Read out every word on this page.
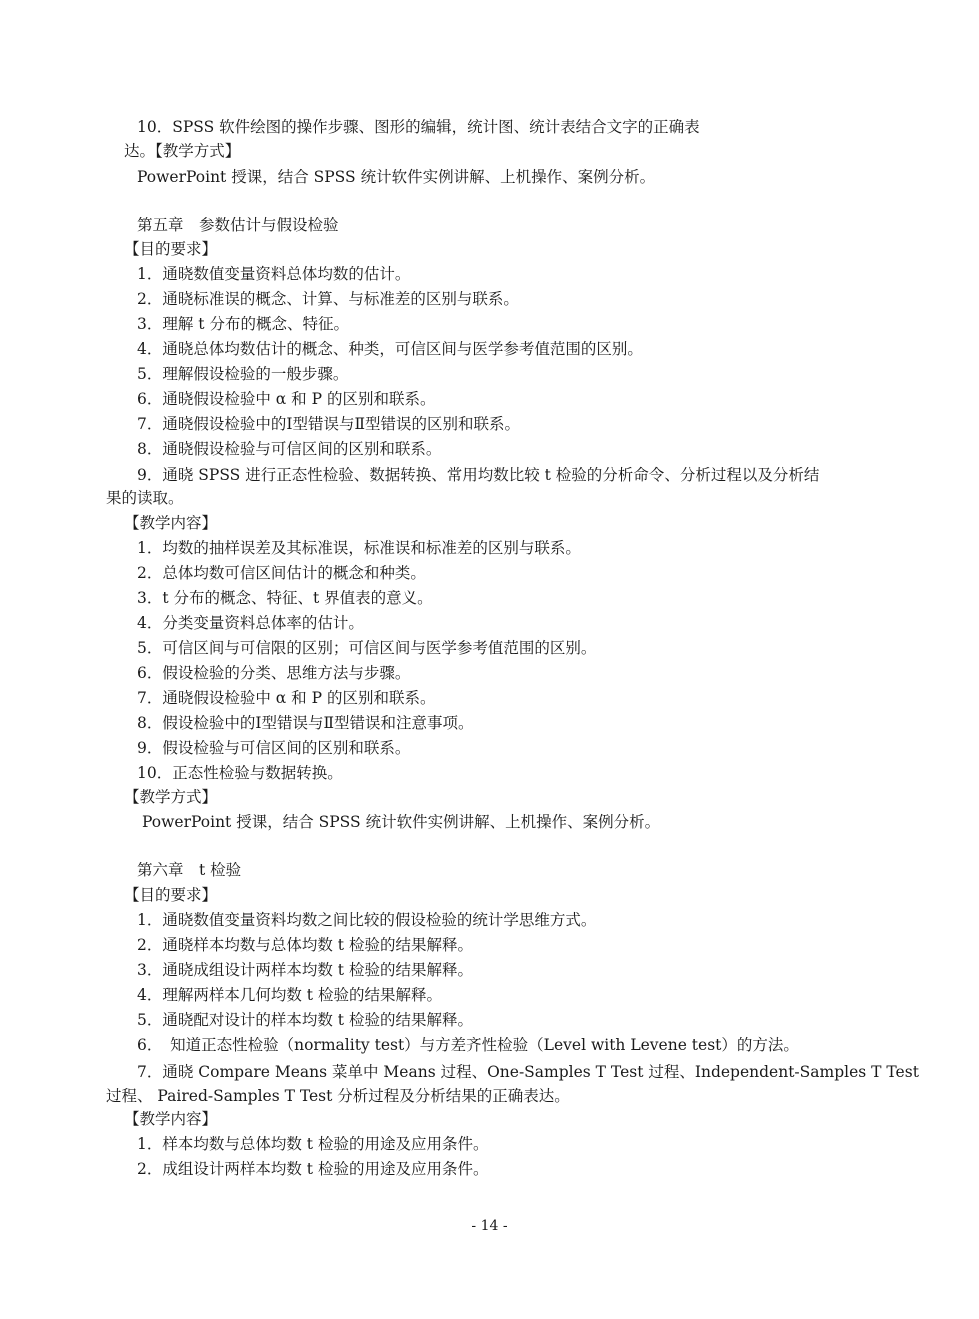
10．SPSS 软件绘图的操作步骤、图形的编辑，统计图、统计表结合文字的正确表
达。【教学方式】
PowerPoint 授课，结合 SPSS 统计软件实例讲解、上机操作、案例分析。
第五章　参数估计与假设检验
【目的要求】
1．通晓数值变量资料总体均数的估计。
2．通晓标准误的概念、计算、与标准差的区别与联系。
3．理解 t 分布的概念、特征。
4．通晓总体均数估计的概念、种类，可信区间与医学参考值范围的区别。
5．理解假设检验的一般步骤。
6．通晓假设检验中 α 和 P 的区别和联系。
7．通晓假设检验中的Ⅰ型错误与Ⅱ型错误的区别和联系。
8．通晓假设检验与可信区间的区别和联系。
9．通晓 SPSS 进行正态性检验、数据转换、常用均数比较 t 检验的分析命令、分析过程以及分析结
果的读取。
【教学内容】
1．均数的抽样误差及其标准误，标准误和标准差的区别与联系。
2．总体均数可信区间估计的概念和种类。
3．t 分布的概念、特征、t 界值表的意义。
4．分类变量资料总体率的估计。
5．可信区间与可信限的区别；可信区间与医学参考值范围的区别。
6．假设检验的分类、思维方法与步骤。
7．通晓假设检验中 α 和 P 的区别和联系。
8．假设检验中的Ⅰ型错误与Ⅱ型错误和注意事项。
9．假设检验与可信区间的区别和联系。
10．正态性检验与数据转换。
【教学方式】
PowerPoint 授课，结合 SPSS 统计软件实例讲解、上机操作、案例分析。
第六章　t 检验
【目的要求】
1．通晓数值变量资料均数之间比较的假设检验的统计学思维方式。
2．通晓样本均数与总体均数 t 检验的结果解释。
3．通晓成组设计两样本均数 t 检验的结果解释。
4．理解两样本几何均数 t 检验的结果解释。
5．通晓配对设计的样本均数 t 检验的结果解释。
6．　知道正态性检验（normality test）与方差齐性检验（Level with Levene test）的方法。
7．通晓 Compare Means 菜单中 Means 过程、One-Samples T Test 过程、Independent-Samples T Test
过程、 Paired-Samples T Test 分析过程及分析结果的正确表达。
【教学内容】
1．样本均数与总体均数 t 检验的用途及应用条件。
2．成组设计两样本均数 t 检验的用途及应用条件。
- 14 -
